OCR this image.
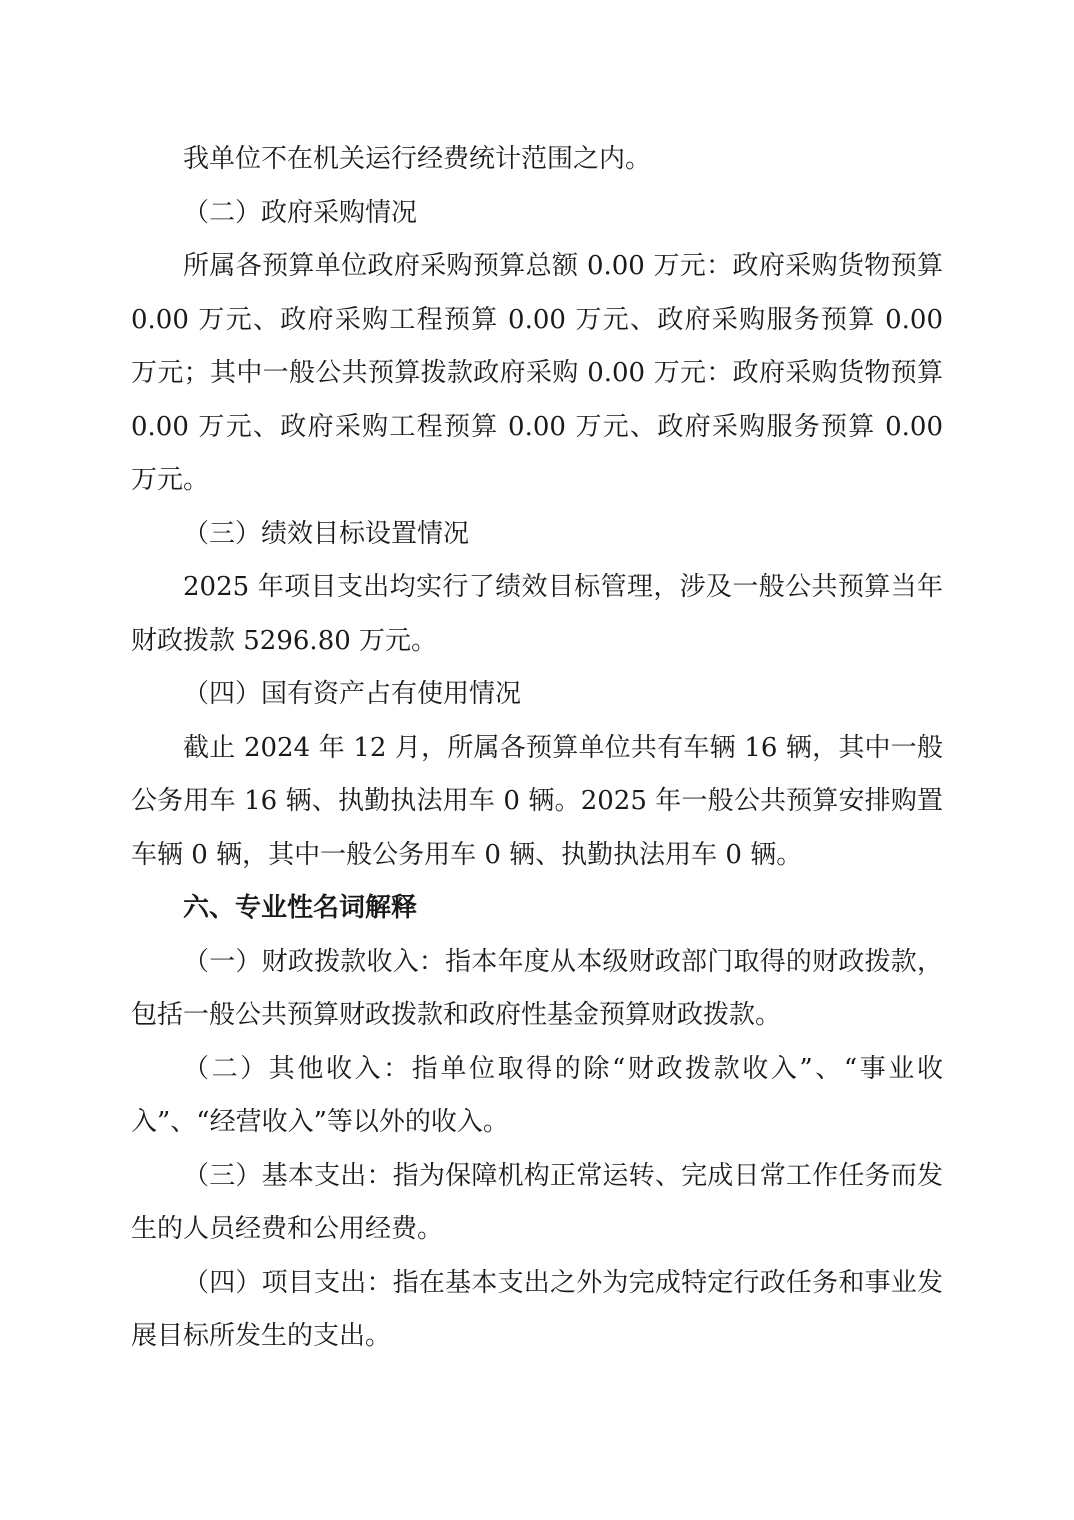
我单位不在机关运行经费统计范围之内。

（二）政府采购情况

所属各预算单位政府采购预算总额 0.00 万元：政府采购货物预算 0.00 万元、政府采购工程预算 0.00 万元、政府采购服务预算 0.00 万元；其中一般公共预算拨款政府采购 0.00 万元：政府采购货物预算 0.00 万元、政府采购工程预算 0.00 万元、政府采购服务预算 0.00 万元。

（三）绩效目标设置情况

2025 年项目支出均实行了绩效目标管理，涉及一般公共预算当年财政拨款 5296.80 万元。

（四）国有资产占有使用情况

截止 2024 年 12 月，所属各预算单位共有车辆 16 辆，其中一般公务用车 16 辆、执勤执法用车 0 辆。2025 年一般公共预算安排购置车辆 0 辆，其中一般公务用车 0 辆、执勤执法用车 0 辆。

六、专业性名词解释

（一）财政拨款收入：指本年度从本级财政部门取得的财政拨款，包括一般公共预算财政拨款和政府性基金预算财政拨款。

（二）其他收入：指单位取得的除“财政拨款收入”、“事业收入”、“经营收入”等以外的收入。

（三）基本支出：指为保障机构正常运转、完成日常工作任务而发生的人员经费和公用经费。

（四）项目支出：指在基本支出之外为完成特定行政任务和事业发展目标所发生的支出。
